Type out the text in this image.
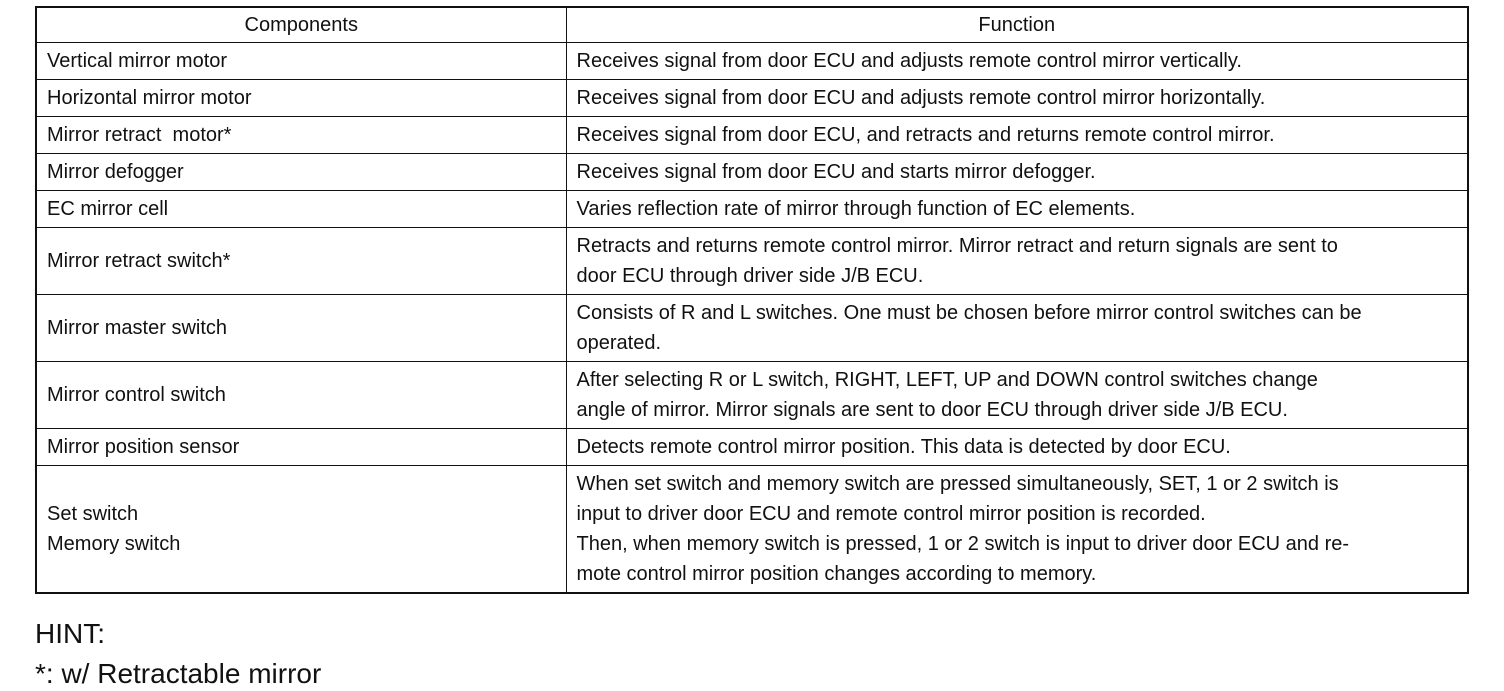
Components	Function

Vertical mirror motor	Receives signal from door ECU and adjusts remote control mirror vertically.

Horizontal mirror motor	Receives signal from door ECU and adjusts remote control mirror horizontally.

Mirror retract  motor*	Receives signal from door ECU, and retracts and returns remote control mirror.

Mirror defogger	Receives signal from door ECU and starts mirror defogger.

EC mirror cell	Varies reflection rate of mirror through function of EC elements.

Mirror retract switch*	Retracts and returns remote control mirror. Mirror retract and return signals are sent to
door ECU through driver side J/B ECU.

Mirror master switch	Consists of R and L switches. One must be chosen before mirror control switches can be
operated.

Mirror control switch	After selecting R or L switch, RIGHT, LEFT, UP and DOWN control switches change
angle of mirror. Mirror signals are sent to door ECU through driver side J/B ECU.

Mirror position sensor	Detects remote control mirror position. This data is detected by door ECU.

Set switch
Memory switch	When set switch and memory switch are pressed simultaneously, SET, 1 or 2 switch is
input to driver door ECU and remote control mirror position is recorded.
Then, when memory switch is pressed, 1 or 2 switch is input to driver door ECU and re-
mote control mirror position changes according to memory.

HINT:

*: w/ Retractable mirror
